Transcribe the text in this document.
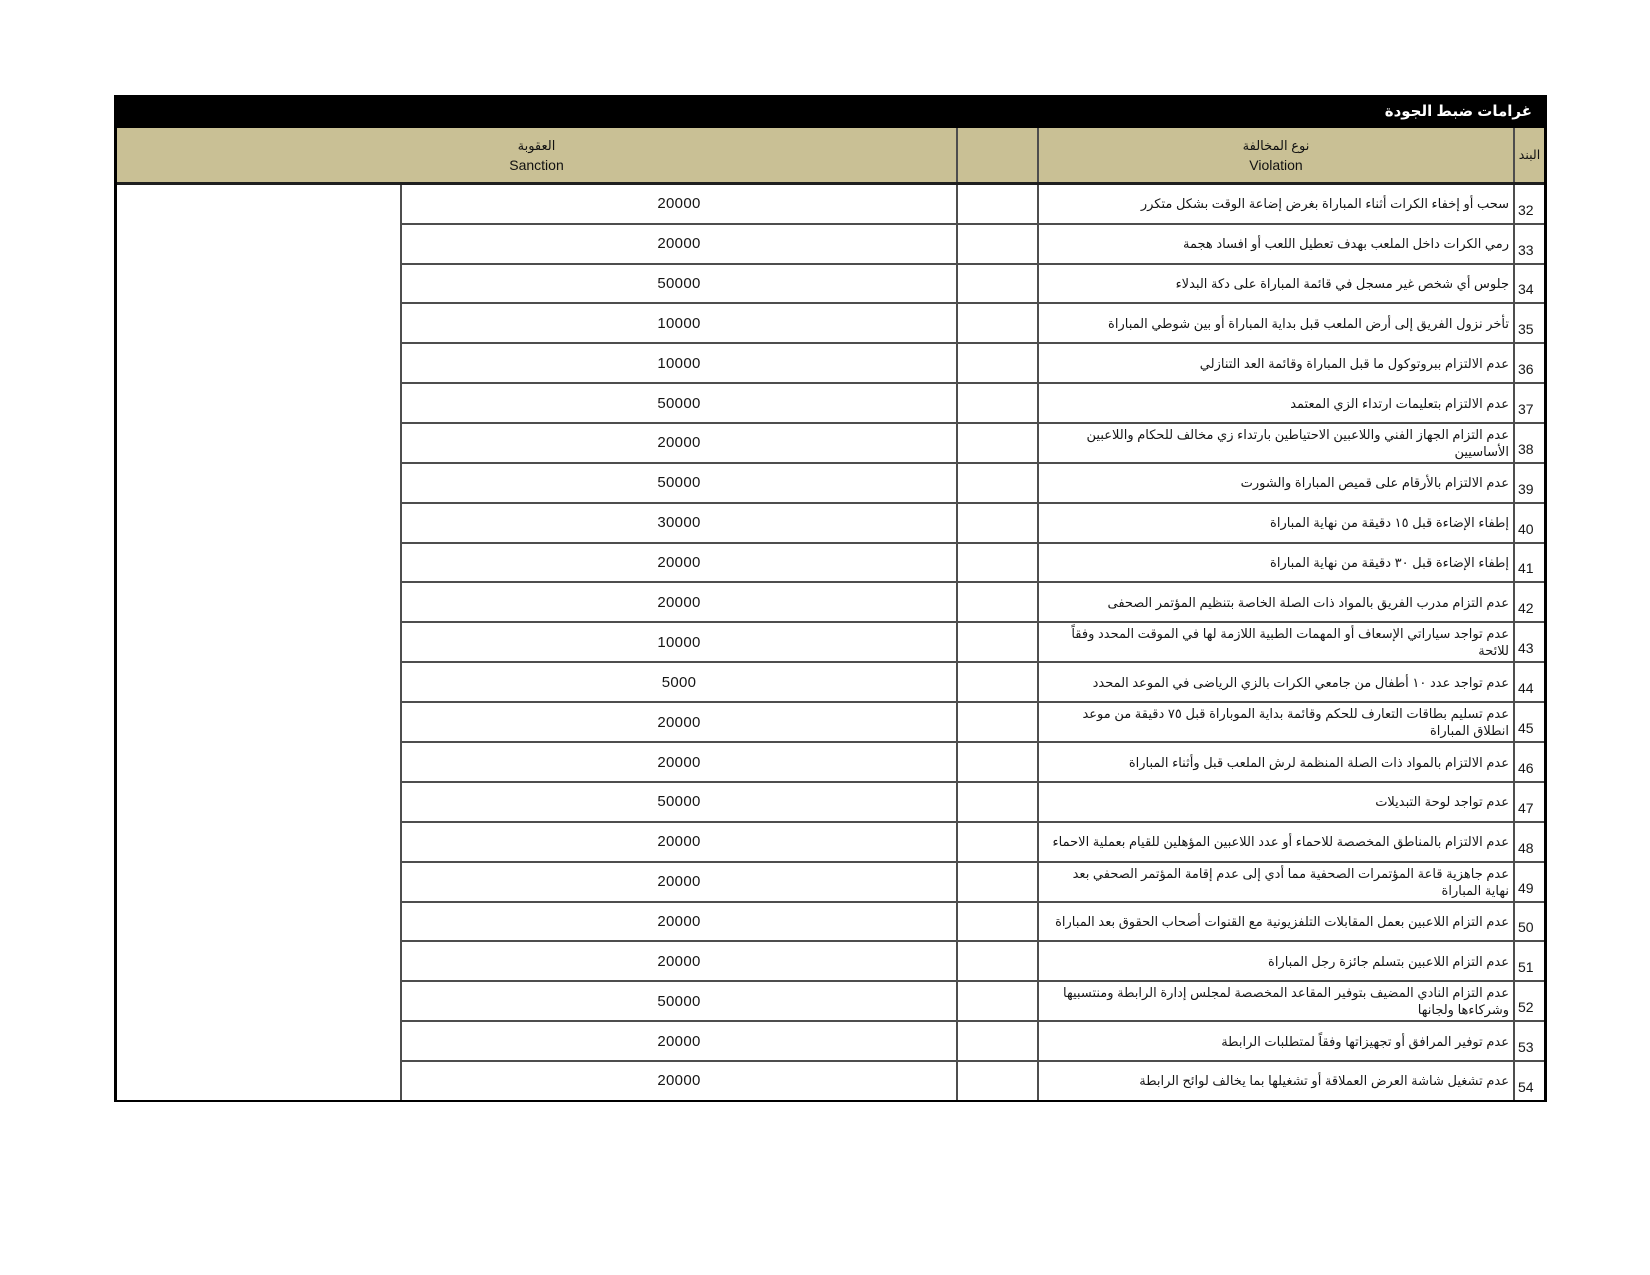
غرامات ضبط الجودة
العقوبة
Sanction
نوع المخالفة
Violation
البند
20000	سحب أو إخفاء الكرات أثناء المباراة بغرض إضاعة الوقت بشكل متكرر 32
20000	رمي الكرات داخل الملعب بهدف تعطيل اللعب أو افساد هجمة 33
50000	جلوس أي شخص غير مسجل في قائمة المباراة على دكة البدلاء 34
10000	تأخر نزول الفريق إلى أرض الملعب قبل بداية المباراة أو بين شوطي المباراة 35
10000	عدم الالتزام ببروتوكول ما قبل المباراة وقائمة العد التنازلي 36
50000	عدم الالتزام بتعليمات ارتداء الزي المعتمد 37
20000	عدم التزام الجهاز الفني واللاعبين الاحتياطين بارتداء زي مخالف للحكام واللاعبين الأساسيين 38
50000	عدم الالتزام بالأرقام على قميص المباراة والشورت 39
30000	إطفاء الإضاءة قبل ١٥ دقيقة من نهاية المباراة 40
20000	إطفاء الإضاءة قبل ٣٠ دقيقة من نهاية المباراة 41
20000	عدم التزام مدرب الفريق بالمواد ذات الصلة الخاصة بتنظيم المؤتمر الصحفى 42
10000	عدم تواجد سياراتي الإسعاف أو المهمات الطبية اللازمة لها في الموقت المحدد وفقاً للائحة 43
5000	عدم تواجد عدد ١٠ أطفال من جامعي الكرات بالزي الرياضى في الموعد المحدد 44
20000	عدم تسليم بطاقات التعارف للحكم وقائمة بداية الموباراة قبل ٧٥ دقيقة من موعد انطلاق المباراة 45
20000	عدم الالتزام بالمواد ذات الصلة المنظمة لرش الملعب قبل وأثناء المباراة 46
50000	عدم تواجد لوحة التبديلات 47
20000	عدم الالتزام بالمناطق المخصصة للاحماء أو عدد اللاعبين المؤهلين للقيام بعملية الاحماء 48
20000	عدم جاهزية قاعة المؤتمرات الصحفية مما أدي إلى عدم إقامة المؤتمر الصحفي بعد نهاية المباراة 49
20000	عدم التزام اللاعبين بعمل المقابلات التلفزيونية مع القنوات أصحاب الحقوق بعد المباراة 50
20000	عدم التزام اللاعبين بتسلم جائزة رجل المباراة 51
50000	عدم التزام النادي المضيف بتوفير المقاعد المخصصة لمجلس إدارة الرابطة ومنتسبيها وشركاءها ولجانها 52
20000	عدم توفير المرافق أو تجهيزاتها وفقاً لمتطلبات الرابطة 53
20000	عدم تشغيل شاشة العرض العملاقة أو تشغيلها بما يخالف لوائح الرابطة 54
